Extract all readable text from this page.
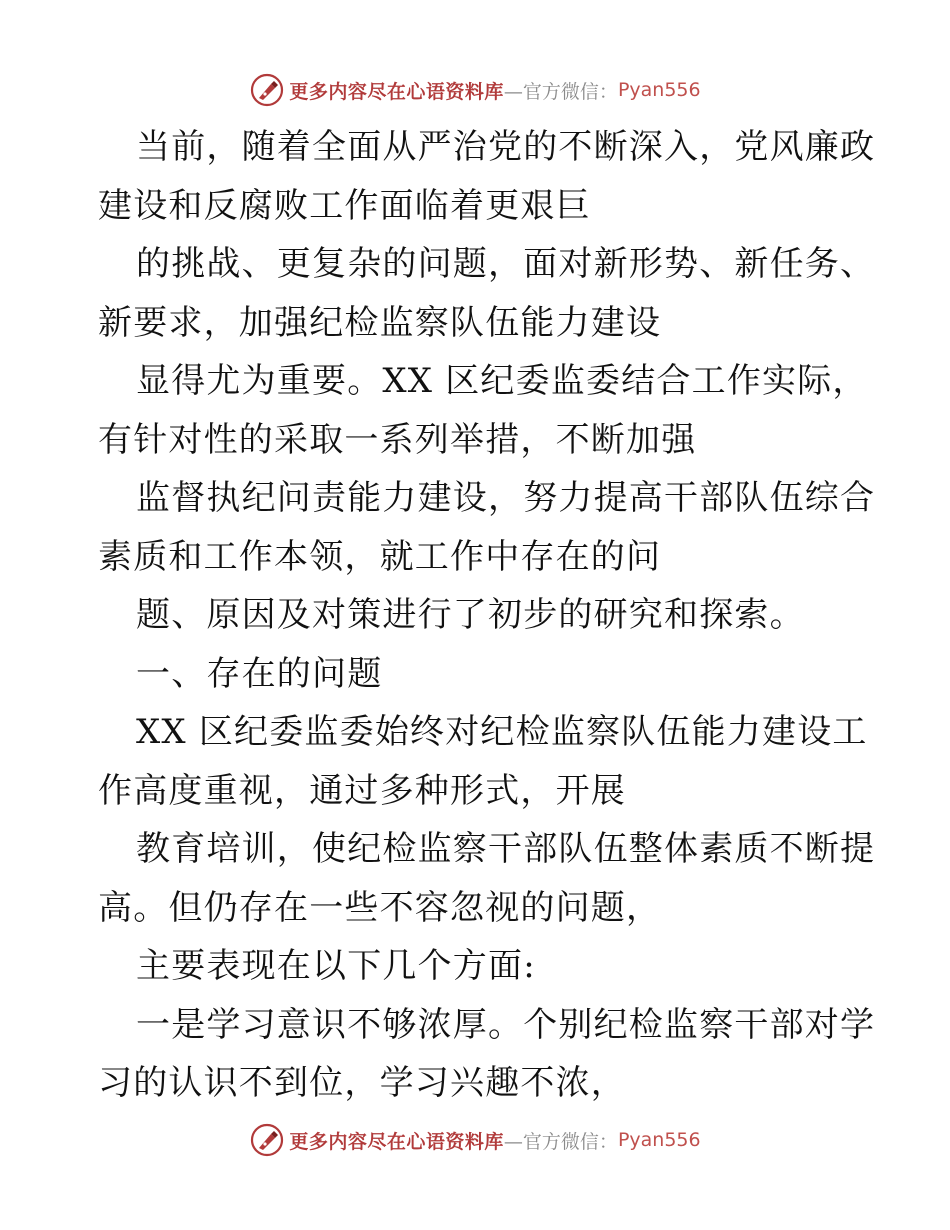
更多内容尽在心语资料库 —官方微信： Pyan556
当前，随着全面从严治党的不断深入，党风廉政
建设和反腐败工作面临着更艰巨
的挑战、更复杂的问题，面对新形势、新任务、
新要求，加强纪检监察队伍能力建设
显得尤为重要。XX 区纪委监委结合工作实际，
有针对性的采取一系列举措，不断加强
监督执纪问责能力建设，努力提高干部队伍综合
素质和工作本领，就工作中存在的问
题、原因及对策进行了初步的研究和探索。
一、存在的问题
XX 区纪委监委始终对纪检监察队伍能力建设工
作高度重视，通过多种形式，开展
教育培训，使纪检监察干部队伍整体素质不断提
高。但仍存在一些不容忽视的问题，
主要表现在以下几个方面:
一是学习意识不够浓厚。个别纪检监察干部对学
习的认识不到位，学习兴趣不浓，
更多内容尽在心语资料库 —官方微信： Pyan556
